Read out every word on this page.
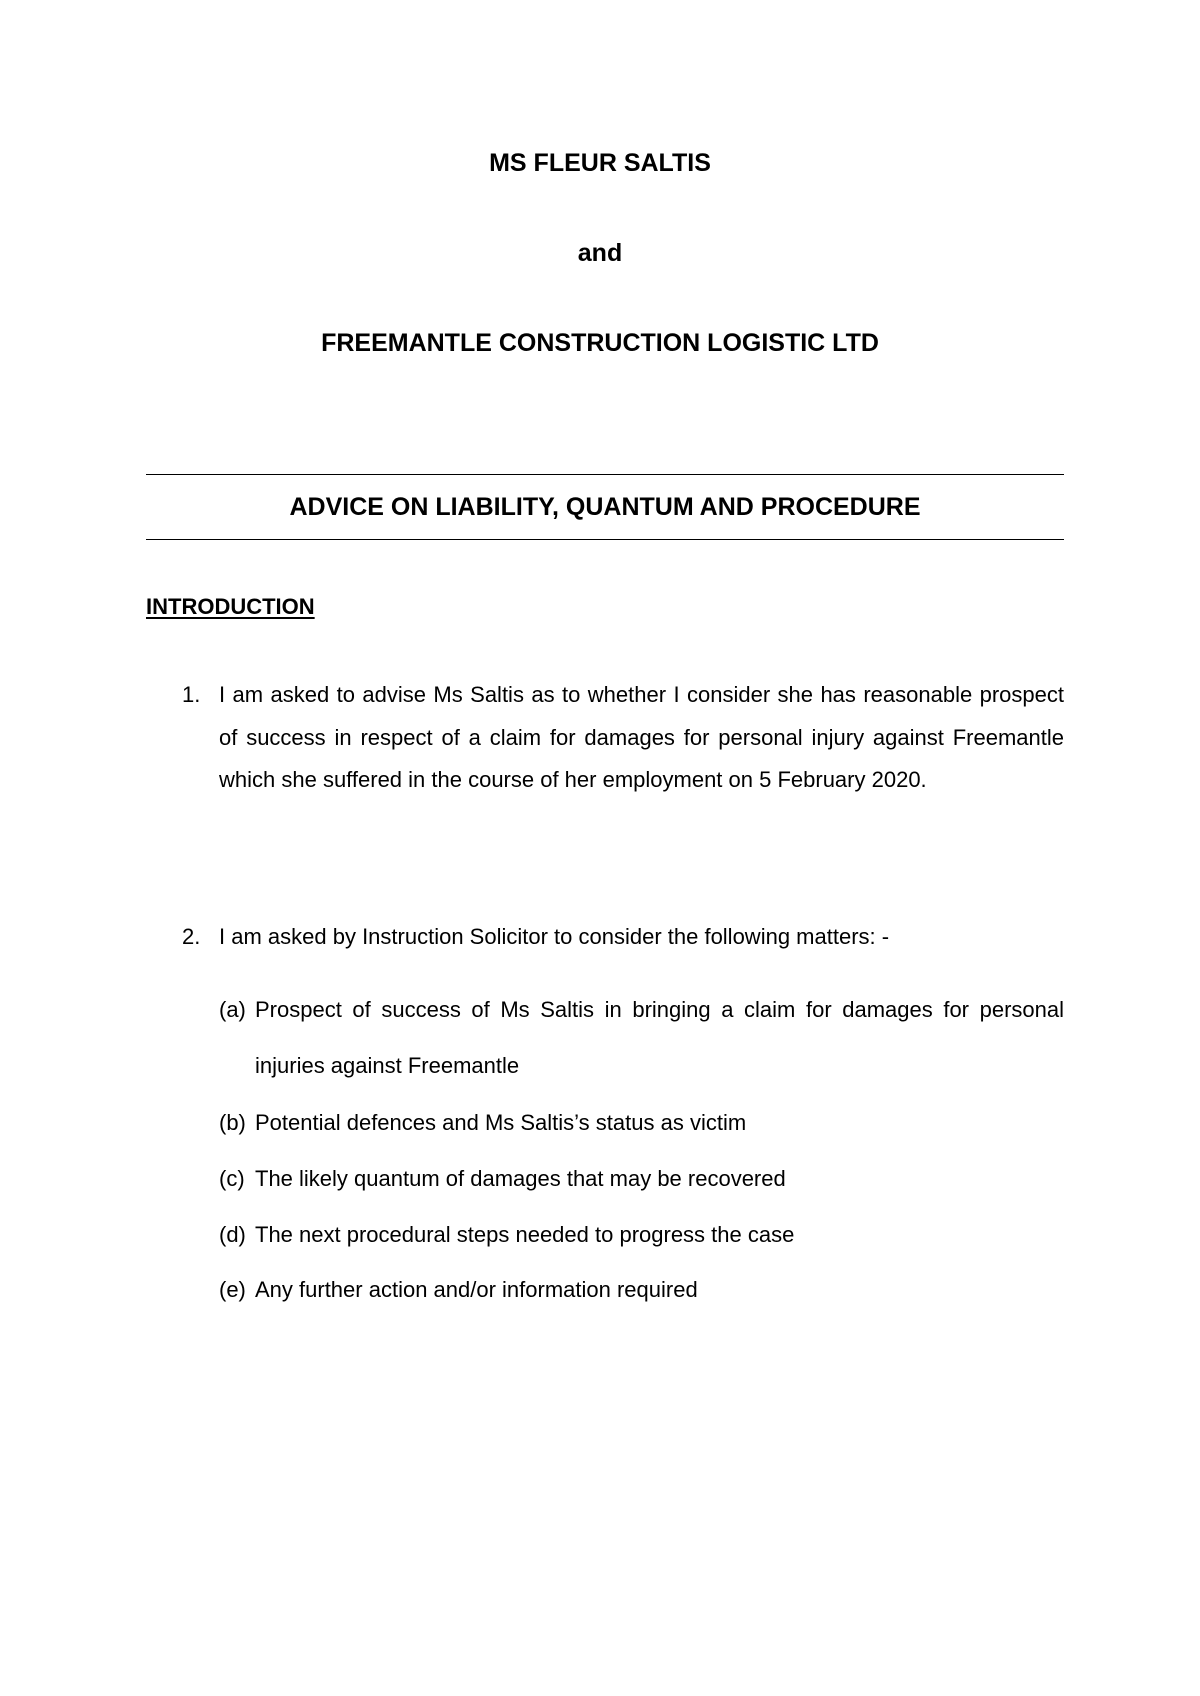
MS FLEUR SALTIS
and
FREEMANTLE CONSTRUCTION LOGISTIC LTD
ADVICE ON LIABILITY, QUANTUM AND PROCEDURE
INTRODUCTION
1. I am asked to advise Ms Saltis as to whether I consider she has reasonable prospect of success in respect of a claim for damages for personal injury against Freemantle which she suffered in the course of her employment on 5 February 2020.
2. I am asked by Instruction Solicitor to consider the following matters: -
(a) Prospect of success of Ms Saltis in bringing a claim for damages for personal injuries against Freemantle
(b) Potential defences and Ms Saltis’s status as victim
(c) The likely quantum of damages that may be recovered
(d) The next procedural steps needed to progress the case
(e) Any further action and/or information required
